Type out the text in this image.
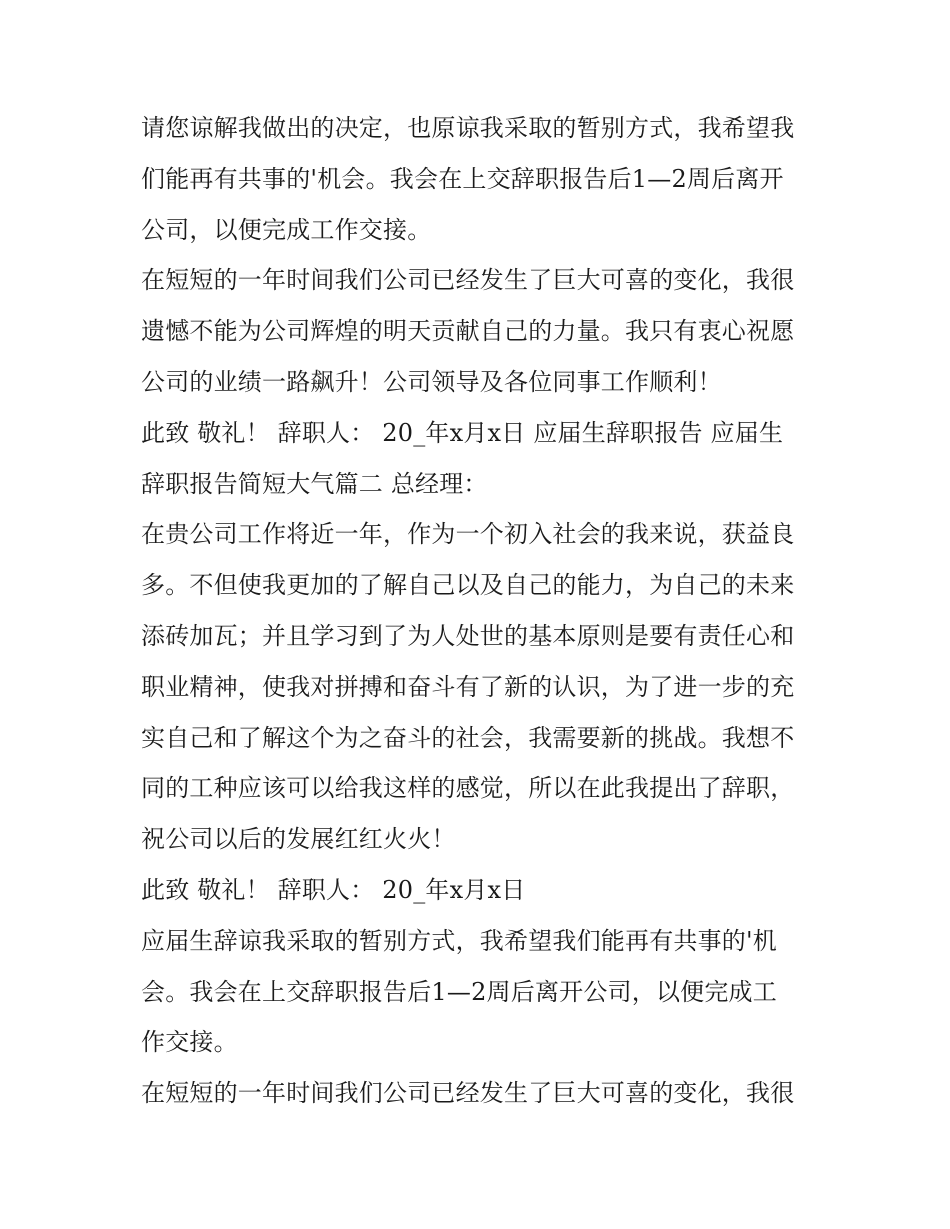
请您谅解我做出的决定，也原谅我采取的暂别方式，我希望我
们能再有共事的'机会。我会在上交辞职报告后1—2周后离开
公司，以便完成工作交接。
在短短的一年时间我们公司已经发生了巨大可喜的变化，我很
遗憾不能为公司辉煌的明天贡献自己的力量。我只有衷心祝愿
公司的业绩一路飙升！公司领导及各位同事工作顺利！
此致 敬礼！ 辞职人： 20_年x月x日 应届生辞职报告 应届生
辞职报告简短大气篇二 总经理：
在贵公司工作将近一年，作为一个初入社会的我来说，获益良
多。不但使我更加的了解自己以及自己的能力，为自己的未来
添砖加瓦；并且学习到了为人处世的基本原则是要有责任心和
职业精神，使我对拼搏和奋斗有了新的认识，为了进一步的充
实自己和了解这个为之奋斗的社会，我需要新的挑战。我想不
同的工种应该可以给我这样的感觉，所以在此我提出了辞职，
祝公司以后的发展红红火火！
此致 敬礼！ 辞职人： 20_年x月x日
应届生辞谅我采取的暂别方式，我希望我们能再有共事的'机
会。我会在上交辞职报告后1—2周后离开公司，以便完成工
作交接。
在短短的一年时间我们公司已经发生了巨大可喜的变化，我很
